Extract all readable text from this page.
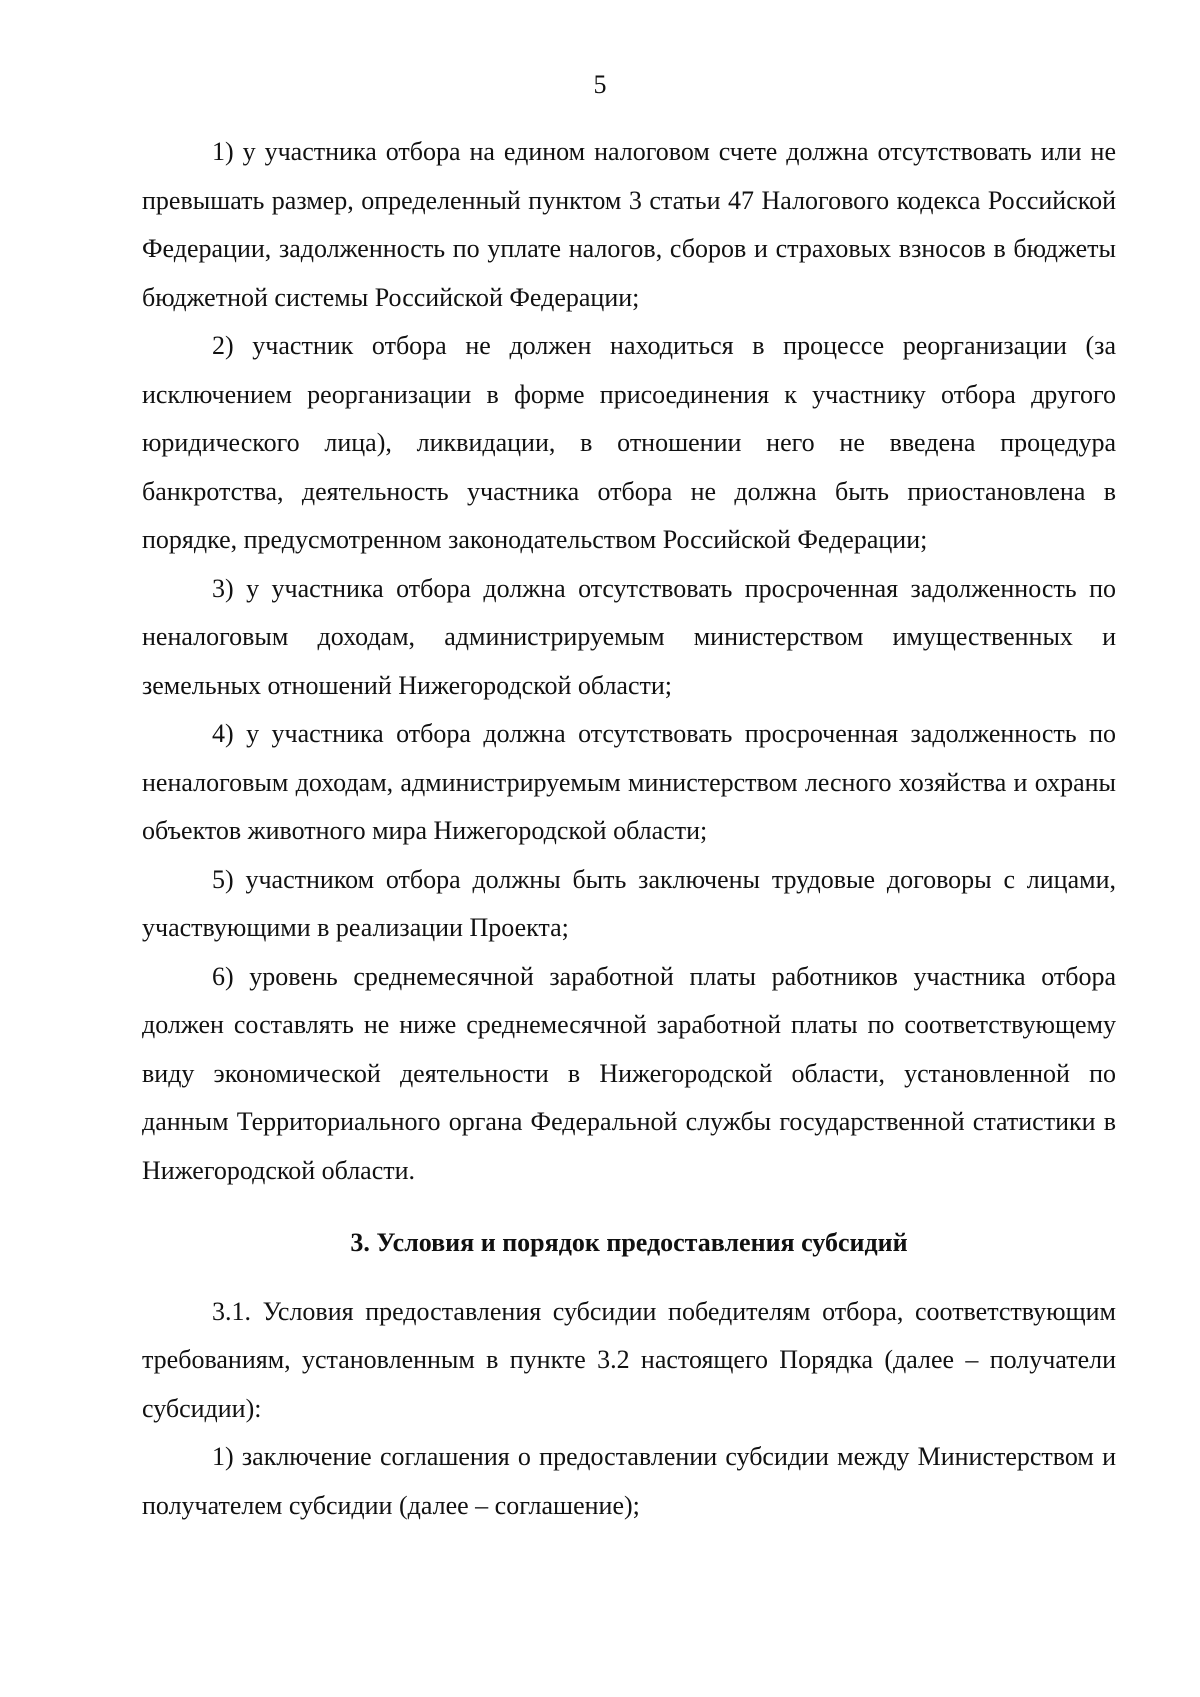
5

1) у участника отбора на едином налоговом счете должна отсутствовать или не превышать размер, определенный пунктом 3 статьи 47 Налогового кодекса Российской Федерации, задолженность по уплате налогов, сборов и страховых взносов в бюджеты бюджетной системы Российской Федерации;

2) участник отбора не должен находиться в процессе реорганизации (за исключением реорганизации в форме присоединения к участнику отбора другого юридического лица), ликвидации, в отношении него не введена процедура банкротства, деятельность участника отбора не должна быть приостановлена в порядке, предусмотренном законодательством Российской Федерации;

3) у участника отбора должна отсутствовать просроченная задолженность по неналоговым доходам, администрируемым министерством имущественных и земельных отношений Нижегородской области;

4) у участника отбора должна отсутствовать просроченная задолженность по неналоговым доходам, администрируемым министерством лесного хозяйства и охраны объектов животного мира Нижегородской области;

5) участником отбора должны быть заключены трудовые договоры с лицами, участвующими в реализации Проекта;

6) уровень среднемесячной заработной платы работников участника отбора должен составлять не ниже среднемесячной заработной платы по соответствующему виду экономической деятельности в Нижегородской области, установленной по данным Территориального органа Федеральной службы государственной статистики в Нижегородской области.

3. Условия и порядок предоставления субсидий

3.1. Условия предоставления субсидии победителям отбора, соответствующим требованиям, установленным в пункте 3.2 настоящего Порядка (далее – получатели субсидии):

1) заключение соглашения о предоставлении субсидии между Министерством и получателем субсидии (далее – соглашение);
